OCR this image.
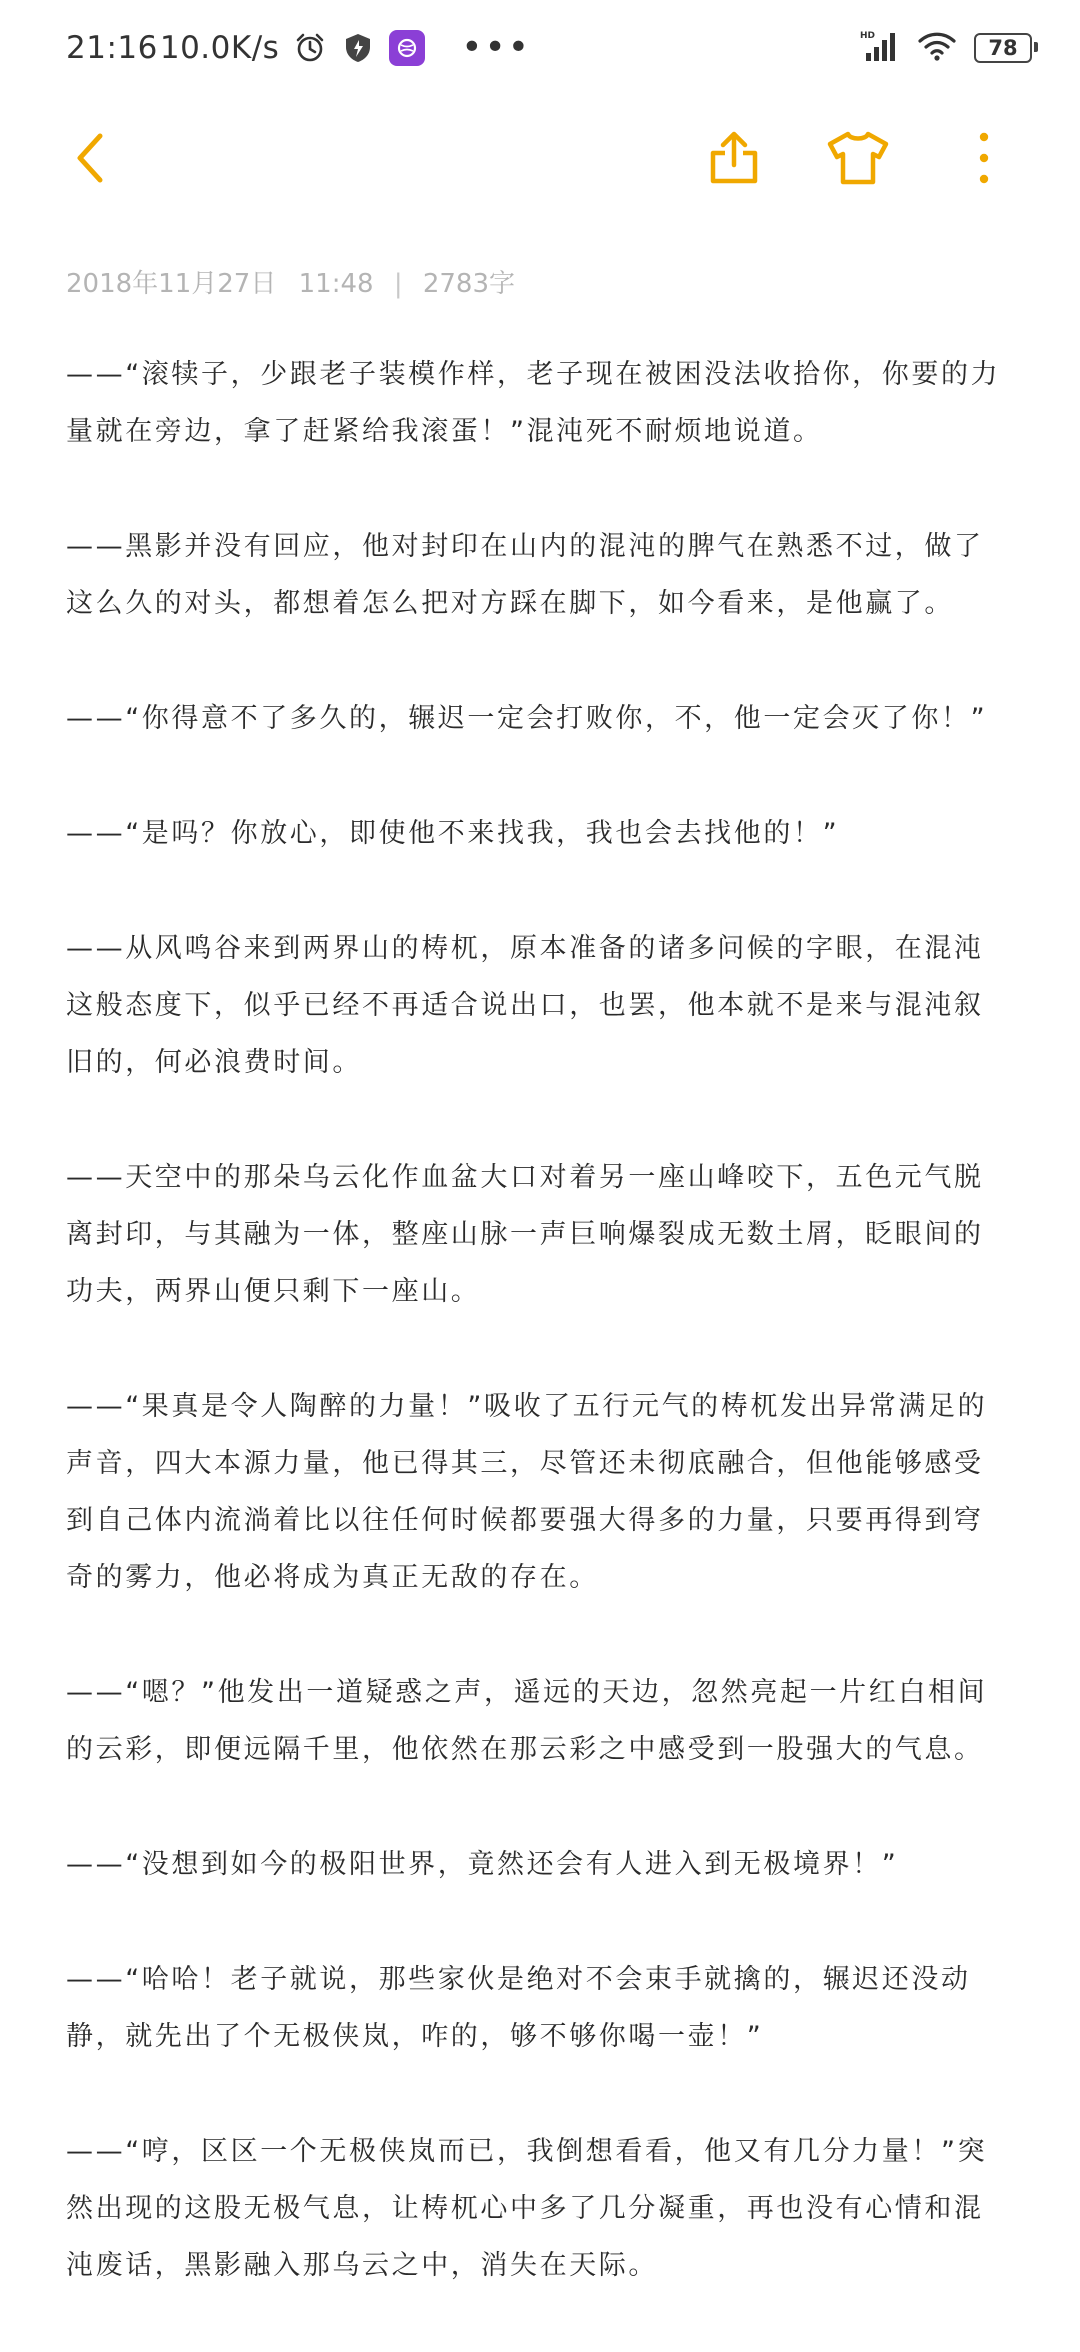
21:16 10.0K/s	•••	HD	78
2018年11月27日 11:48 | 2783字

——“滚犊子，少跟老子装模作样，老子现在被困没法收拾你，你要的力量就在旁边，拿了赶紧给我滚蛋！”混沌死不耐烦地说道。

——黑影并没有回应，他对封印在山内的混沌的脾气在熟悉不过，做了这么久的对头，都想着怎么把对方踩在脚下，如今看来，是他赢了。

——“你得意不了多久的，辗迟一定会打败你，不，他一定会灭了你！”

——“是吗？你放心，即使他不来找我，我也会去找他的！”

——从风鸣谷来到两界山的梼杌，原本准备的诸多问候的字眼，在混沌这般态度下，似乎已经不再适合说出口，也罢，他本就不是来与混沌叙旧的，何必浪费时间。

——天空中的那朵乌云化作血盆大口对着另一座山峰咬下，五色元气脱离封印，与其融为一体，整座山脉一声巨响爆裂成无数土屑，眨眼间的功夫，两界山便只剩下一座山。

——“果真是令人陶醉的力量！”吸收了五行元气的梼杌发出异常满足的声音，四大本源力量，他已得其三，尽管还未彻底融合，但他能够感受到自己体内流淌着比以往任何时候都要强大得多的力量，只要再得到穹奇的雾力，他必将成为真正无敌的存在。

——“嗯？”他发出一道疑惑之声，遥远的天边，忽然亮起一片红白相间的云彩，即便远隔千里，他依然在那云彩之中感受到一股强大的气息。

——“没想到如今的极阳世界，竟然还会有人进入到无极境界！”

——“哈哈！老子就说，那些家伙是绝对不会束手就擒的，辗迟还没动静，就先出了个无极侠岚，咋的，够不够你喝一壶！”

——“哼，区区一个无极侠岚而已，我倒想看看，他又有几分力量！”突然出现的这股无极气息，让梼杌心中多了几分凝重，再也没有心情和混沌废话，黑影融入那乌云之中，消失在天际。
